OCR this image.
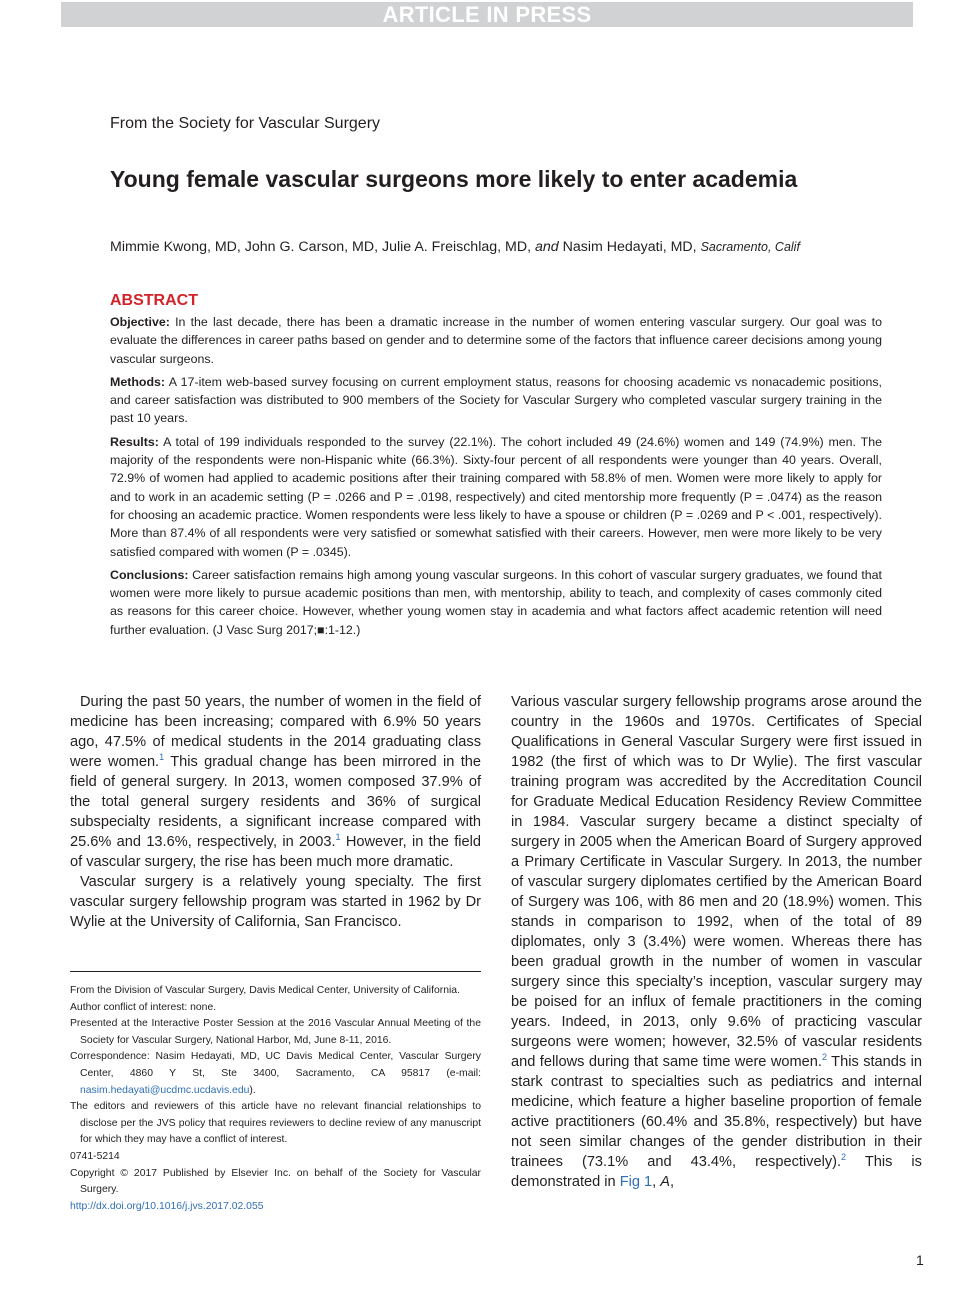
ARTICLE IN PRESS
From the Society for Vascular Surgery
Young female vascular surgeons more likely to enter academia
Mimmie Kwong, MD, John G. Carson, MD, Julie A. Freischlag, MD, and Nasim Hedayati, MD, Sacramento, Calif
ABSTRACT

Objective: In the last decade, there has been a dramatic increase in the number of women entering vascular surgery. Our goal was to evaluate the differences in career paths based on gender and to determine some of the factors that influence career decisions among young vascular surgeons.

Methods: A 17-item web-based survey focusing on current employment status, reasons for choosing academic vs nonacademic positions, and career satisfaction was distributed to 900 members of the Society for Vascular Surgery who completed vascular surgery training in the past 10 years.

Results: A total of 199 individuals responded to the survey (22.1%). The cohort included 49 (24.6%) women and 149 (74.9%) men. The majority of the respondents were non-Hispanic white (66.3%). Sixty-four percent of all respondents were younger than 40 years. Overall, 72.9% of women had applied to academic positions after their training compared with 58.8% of men. Women were more likely to apply for and to work in an academic setting (P = .0266 and P = .0198, respectively) and cited mentorship more frequently (P = .0474) as the reason for choosing an academic practice. Women respondents were less likely to have a spouse or children (P = .0269 and P < .001, respectively). More than 87.4% of all respondents were very satisfied or somewhat satisfied with their careers. However, men were more likely to be very satisfied compared with women (P = .0345).

Conclusions: Career satisfaction remains high among young vascular surgeons. In this cohort of vascular surgery graduates, we found that women were more likely to pursue academic positions than men, with mentorship, ability to teach, and complexity of cases commonly cited as reasons for this career choice. However, whether young women stay in academia and what factors affect academic retention will need further evaluation. (J Vasc Surg 2017;■:1-12.)

During the past 50 years, the number of women in the field of medicine has been increasing; compared with 6.9% 50 years ago, 47.5% of medical students in the 2014 graduating class were women.$^1$ This gradual change has been mirrored in the field of general surgery. In 2013, women composed 37.9% of the total general surgery residents and 36% of surgical subspecialty residents, a significant increase compared with 25.6% and 13.6%, respectively, in 2003.$^1$ However, in the field of vascular surgery, the rise has been much more dramatic.

Vascular surgery is a relatively young specialty. The first vascular surgery fellowship program was started in 1962 by Dr Wylie at the University of California, San Francisco.

Various vascular surgery fellowship programs arose around the country in the 1960s and 1970s. Certificates of Special Qualifications in General Vascular Surgery were first issued in 1982 (the first of which was to Dr Wylie). The first vascular training program was accredited by the Accreditation Council for Graduate Medical Education Residency Review Committee in 1984. Vascular surgery became a distinct specialty of surgery in 2005 when the American Board of Surgery approved a Primary Certificate in Vascular Surgery. In 2013, the number of vascular surgery diplomates certified by the American Board of Surgery was 106, with 86 men and 20 (18.9%) women. This stands in comparison to 1992, when of the total of 89 diplomates, only 3 (3.4%) were women. Whereas there has been gradual growth in the number of women in vascular surgery since this specialty’s inception, vascular surgery may be poised for an influx of female practitioners in the coming years. Indeed, in 2013, only 9.6% of practicing vascular surgeons were women; however, 32.5% of vascular residents and fellows during that same time were women.$^2$ This stands in stark contrast to specialties such as pediatrics and internal medicine, which feature a higher baseline proportion of female active practitioners (60.4% and 35.8%, respectively) but have not seen similar changes of the gender distribution in their trainees (73.1% and 43.4%, respectively).$^2$ This is demonstrated in Fig 1, A,

From the Division of Vascular Surgery, Davis Medical Center, University of California.
Author conflict of interest: none.
Presented at the Interactive Poster Session at the 2016 Vascular Annual Meeting of the Society for Vascular Surgery, National Harbor, Md, June 8-11, 2016.
Correspondence: Nasim Hedayati, MD, UC Davis Medical Center, Vascular Surgery Center, 4860 Y St, Ste 3400, Sacramento, CA 95817 (e-mail: nasim.hedayati@ucdmc.ucdavis.edu).
The editors and reviewers of this article have no relevant financial relationships to disclose per the JVS policy that requires reviewers to decline review of any manuscript for which they may have a conflict of interest.
0741-5214
Copyright © 2017 Published by Elsevier Inc. on behalf of the Society for Vascular Surgery.
http://dx.doi.org/10.1016/j.jvs.2017.02.055
1
